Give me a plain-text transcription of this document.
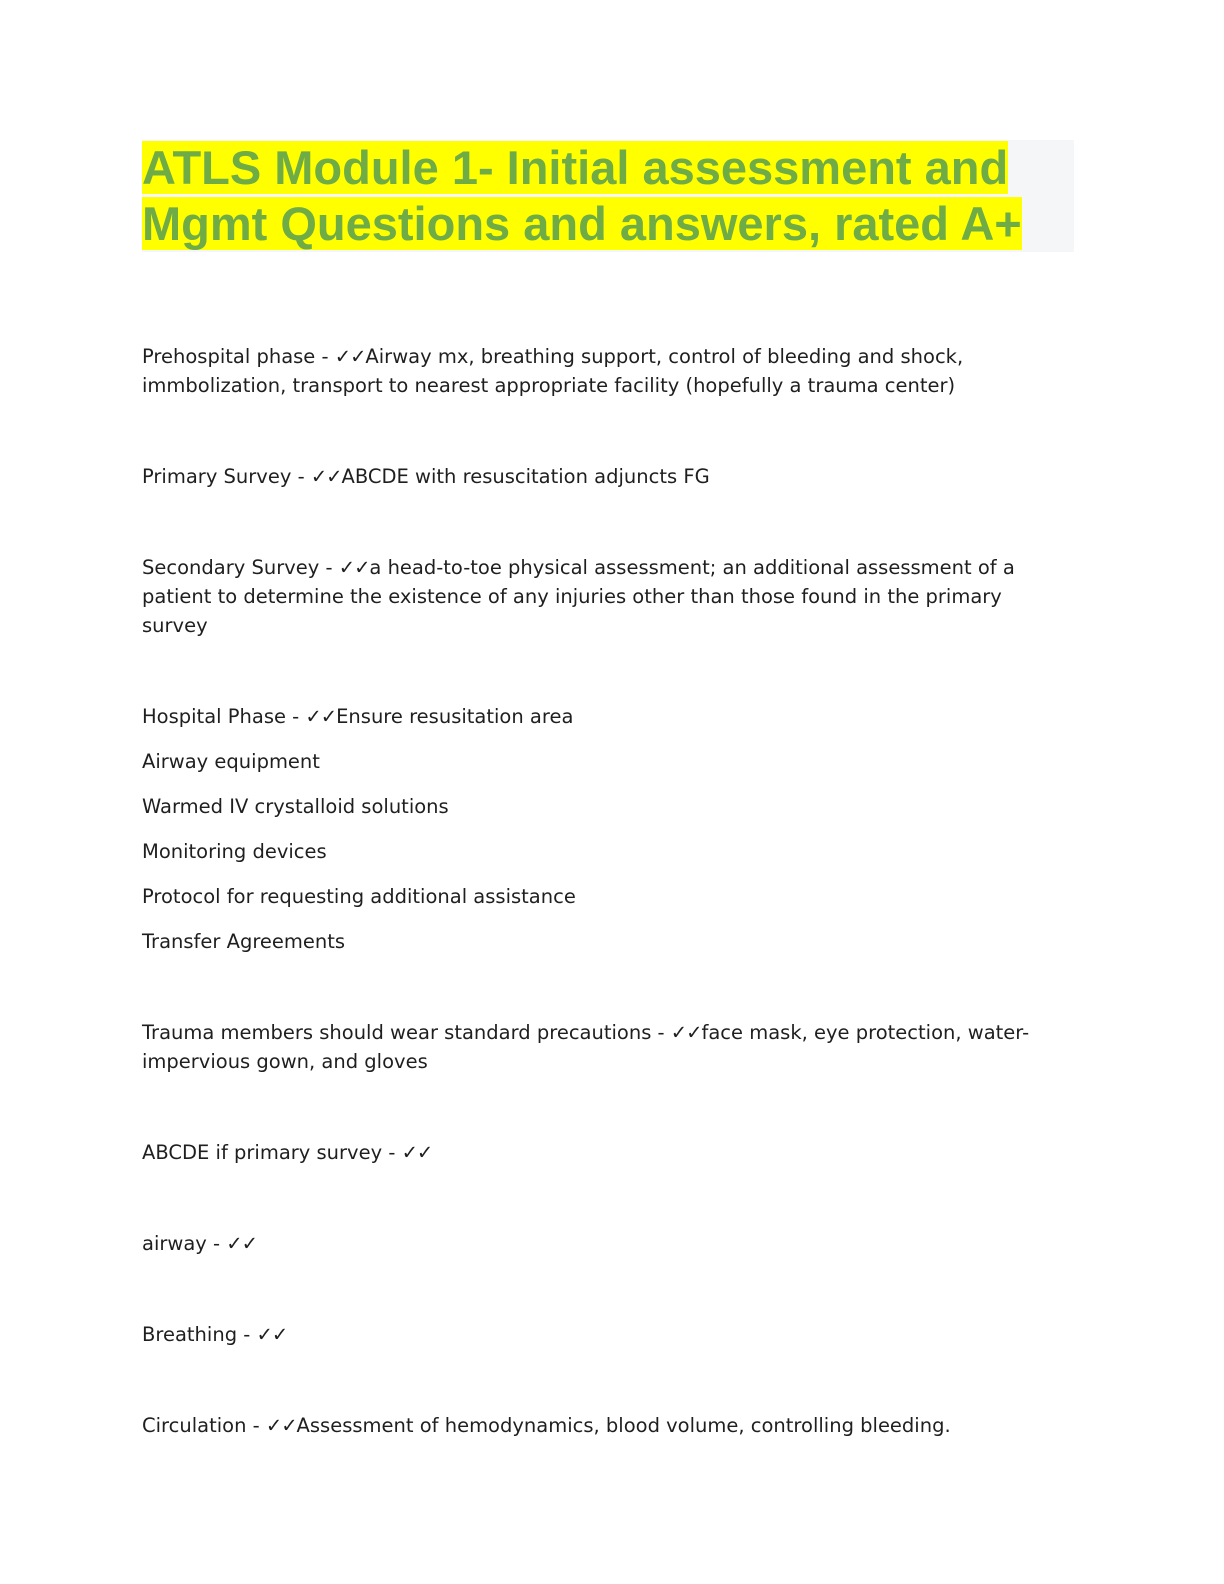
ATLS Module 1- Initial assessment and
Mgmt Questions and answers, rated A+

Prehospital phase - ✓✓Airway mx, breathing support, control of bleeding and shock, immbolization, transport to nearest appropriate facility (hopefully a trauma center)

Primary Survey - ✓✓ABCDE with resuscitation adjuncts FG

Secondary Survey - ✓✓a head-to-toe physical assessment; an additional assessment of a patient to determine the existence of any injuries other than those found in the primary survey

Hospital Phase - ✓✓Ensure resusitation area

Airway equipment

Warmed IV crystalloid solutions

Monitoring devices

Protocol for requesting additional assistance

Transfer Agreements

Trauma members should wear standard precautions - ✓✓face mask, eye protection, water-impervious gown, and gloves

ABCDE if primary survey - ✓✓

airway - ✓✓

Breathing - ✓✓

Circulation - ✓✓Assessment of hemodynamics, blood volume, controlling bleeding.
